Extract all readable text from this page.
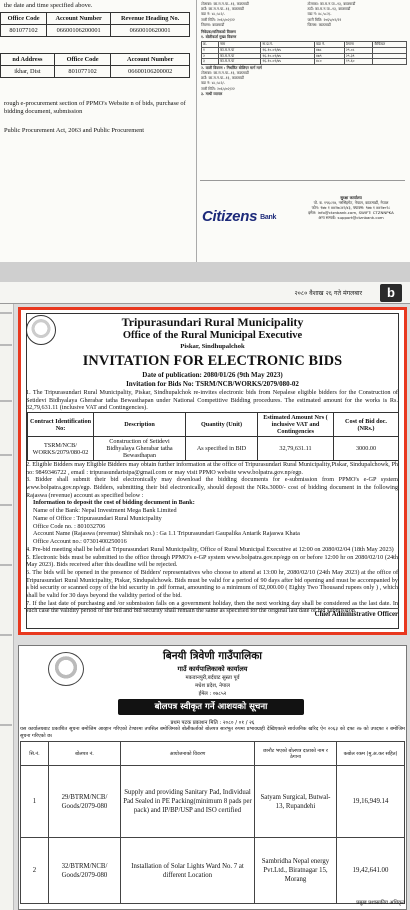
the date and time specified above.
Office Code	Account Number	Revenue Heading No.
801077102	06600106200001	0660010620001
nd Address	Office Code	Account Number
ikhar, Dist	801077102	06600106200002
rough e-procurement section of PPMO's Website n of bids, purchase of bidding document, submission
Public Procurement Act, 2063 and Public Procurement
टोलाका: का.म.न.पा.-१३, काठमाडौं
ठाउँ: का.म.न.पा.-१३, काठमाडौं
वडा नं: ४८,५८२/-
जारी मिति: २०६५/०२/२२
जिल्ला: काठमाडौं
टोलाका: का.म.न.पा.-१३, काठमाडौं
ठाउँ: का.म.न.पा.-१३, काठमाडौं
वडा नं: ४८,५८२/-
जारी मिति: २०६५/०२/२२
जिल्ला: काठमाडौं
निवेदक/मालिकको विवरण
१. बोलीकर्ता मुख्य विवरण
क्र.	नाम	ना.प्र.नं.	वडा नं.	ठेगाना	कैफियत
१	का.म.न.पा	१६-१०-०१/७५	४७८	२९.०८	
२	का.म.न.पा	१६-१०-०१/७५	४७९	२९.३९	
३	का.म.न.पा	१६-१०-०१/७५	४८०	१९.६०	
२. वाली विवरण : निर्धारित बोलिएर मार्ग मार्ग
टोलाका: का.म.न.पा.-१३, काठमाडौं
ठाउँ: का.म.न.पा.-१३, काठमाडौं
वडा नं: ४८,५८२/-
जारी मिति: २०६५/०२/२२
३. माथी व्यापार
Citizens Bank
सुरक्षा कार्यालय
पो. ब. १९६८१४, नरसिंहगेट, नेपाल, काठमाडौं, नेपाल
फोन: ९७७ १ ४४२७८४२/४३, फ्याक्स: ९७७ १ ४४२७०२८
इमेल: info@ctznbank.com, SWIFT: CTZNNPKA
अन्य सम्पर्क: support@ctznbank.com
२०८० वैशाख २६ गते मंगलबार	b
Tripurasundari Rural Municipality
Office of the Rural Municipal Executive
Piskar, Sindhupalchok
INVITATION FOR ELECTRONIC BIDS
Date of publication: 2080/01/26 (9th May 2023)
Invitation for Bids No: TSRM/NCB/WORKS/2079/080-02
1. The Tripurasundari Rural Municipality, Piskar, Sindhupalchok re-invites electronic bids from Nepalese eligible bidders for the Construction of Setidevi Bidhyalaya Gherabar tatha Bewasthapan under National Competitive Bidding procedures. The estimated amount for the works is Rs. 32,79,631.11 (inclusive VAT and Contingencies).
Contract Identification No:	Description	Quantity (Unit)	Estimated Amount Nrs ( inclusive VAT and Contingencies	Cost of Bid doc. (NRs.)
TSRM/NCB/ WORKS/2079/080-02	Construction of Setidevi Bidhyalaya Gherabar tatha Bewasthapan	As specified in BID	32,79,631.11	3000.00

2. Eligible Bidders may Eligible Bidders may obtain further information at the office of Tripurasundari Rural Municipality,Piskar, Sindupalchowk, Ph no: 9849346722 , email : tripurasundarisipa@gmail.com or may visit PPMO website www.bolpatra.gov.np/egp.

3. Bidder shall submit their bid electronically may download the bidding documents for e-submission from PPMO's e-GP system www.bolpatra.gov.np/egp. Bidders, submitting their bid electronically, should deposit the NRs.3000/- cost of bidding document in the following Rajaswa (revenue) account as specified below :

Information to deposit the cost of bidding document in Bank:

Name of the Bank: Nepal Investment Mega Bank Limited

Name of Office : Tripurasundari Rural Municipality

Office Code no. : 801032706

Account Name (Rajaswa (revenue) Shirshak no.) : Ga 1.1 Tripurasundari Gaupalika Antarik Rajaswa Khata

Office Account no.: 07301400250016

4. Pre-bid meeting shall be held at Tripurasundari Rural Municipality, Office of Rural Municipal Executive at 12:00 on 2080/02/04 (18th May 2023)

5. Electronic bids must be submitted to the office through PPMO's e-GP system www.bolpatra.gov.np/egp on or before 12:00 hr on 2080/02/10 (24th May 2023). Bids received after this deadline will be rejected.

6. The bids will be opened in the presence of Bidders' representatives who choose to attend at 13:00 hr, 2080/02/10 (24th May 2023) at the office of Tripurasundari Rural Municipality, Piskar, Sindupalchowk. Bids must be valid for a period of 90 days after bid opening and must be accompanied by a bid security or scanned copy of the bid security in .pdf format, amounting to a minimum of 82,000.00 ( Eighty Two Thousand rupees only ) , which shall be valid for 30 days beyond the validity period of the bid.

7. If the last date of purchasing and /or submission falls on a government holiday, then the next working day shall be considered as the last date. In such case the validity period of the bid and bid security shall remain the same as specified for the original last date of bid submission.

Chief Administrative Officer
बिनयी त्रिवेणी गाउँपालिका
गाउँ कार्यपालिकाको कार्यालय
मकवानपुरी,बर्दघाट सुस्ता पूर्व
मधेश प्रदेश, नेपाल
ईमेल : ०७८५२
बोलपत्र स्वीकृत गर्ने आशयको सूचना
प्रथम पटक प्रकाशन मिति : २०८० / ०१ / २६
यस कार्यालयबाट प्रकाशित सूचना बमोजिम आव्हान गरिएको टेण्डरमा तपसिल बमोजिमको बोलीकर्ताको बोलपत्र सारभूत रुपमा प्रभावग्राही देखिएकाले सार्वजनिक खरिद ऐन २०६३ को दफा २७ को उपदफा २ बमोजिम सूचना गरिएको छ।
सि.नं.	बोलपत्र नं.	आयोजनाको विवरण	छानौट भएको बोलपत्र दाताको नाम र ठेगाना	कबोल रकम (मु.अ.कर सहित)
1	29/BTRM/NCB/ Goods/2079-080	Supply and providing Sanitary Pad, Individual Pad Sealed in PE Packing(minimum 8 pads per pack) and IP/BP/USP and ISO certified	Satyam Surgical, Butwal-13, Rupandehi	19,16,949.14
2	32/BTRM/NCB/ Goods/2079-080	Installation of Solar Lights Ward No. 7 at different Location	Sambridha Nepal energy Pvt.Ltd., Biratnagar 15, Morang	19,42,641.00
प्रमुख प्रशासकीय अधिकृत
